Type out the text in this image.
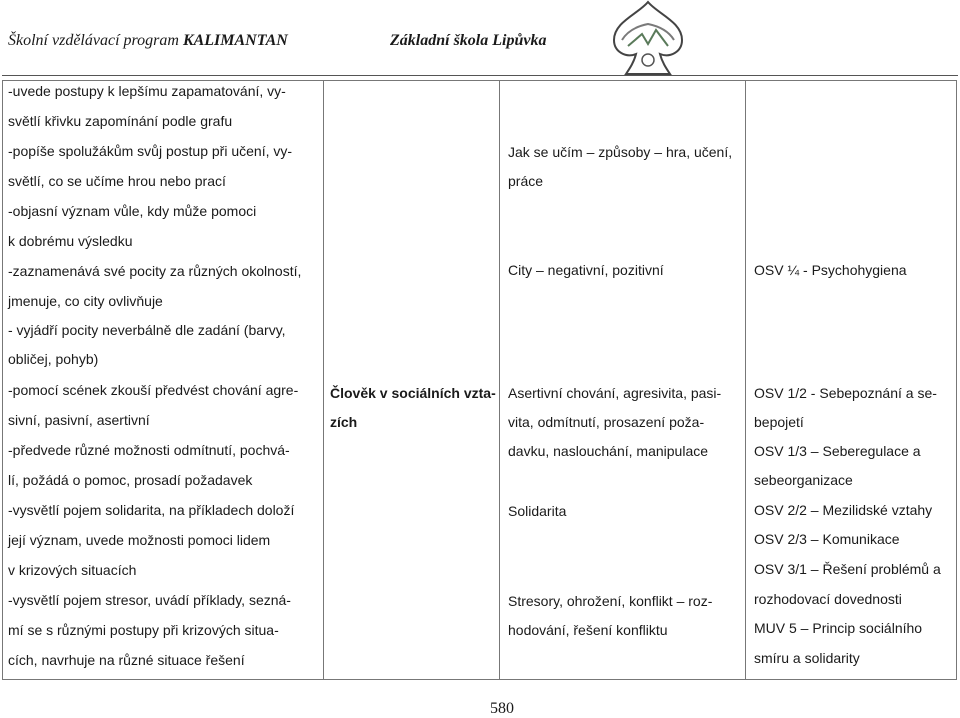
Školní vzdělávací program KALIMANTAN	Základní škola Lipůvka
-uvede postupy k lepšímu zapamatování, vy-
světlí křivku zapomínání podle grafu
-popíše spolužákům svůj postup při učení, vy-
světlí, co se učíme hrou nebo prací
-objasní význam vůle, kdy může pomoci
k dobrému výsledku
-zaznamenává své pocity za různých okolností,
jmenuje, co city ovlivňuje
- vyjádří pocity neverbálně dle zadání (barvy,
obličej, pohyb)
-pomocí scének zkouší předvést chování agre-
sivní, pasivní, asertivní
-předvede různé možnosti odmítnutí, pochvá-
lí, požádá o pomoc, prosadí požadavek
-vysvětlí pojem solidarita, na příkladech doloží
její význam, uvede možnosti pomoci lidem
v krizových situacích
-vysvětlí pojem stresor, uvádí příklady, sezná-
mí se s různými postupy při krizových situa-
cích, navrhuje na různé situace řešení
Člověk v sociálních vzta-
zích
Jak se učím – způsoby – hra, učení,
práce
City – negativní, pozitivní
Asertivní chování, agresivita, pasi-
vita, odmítnutí, prosazení poža-
davku, naslouchání, manipulace
Solidarita
Stresory, ohrožení, konflikt – roz-
hodování, řešení konfliktu
OSV ¼ - Psychohygiena
OSV 1/2 - Sebepoznání a se-
bepojetí
OSV 1/3 – Seberegulace a
sebeorganizace
OSV 2/2 – Mezilidské vztahy
OSV 2/3 – Komunikace
OSV 3/1 – Řešení problémů a
rozhodovací dovednosti
MUV 5 – Princip sociálního
smíru a solidarity
580
